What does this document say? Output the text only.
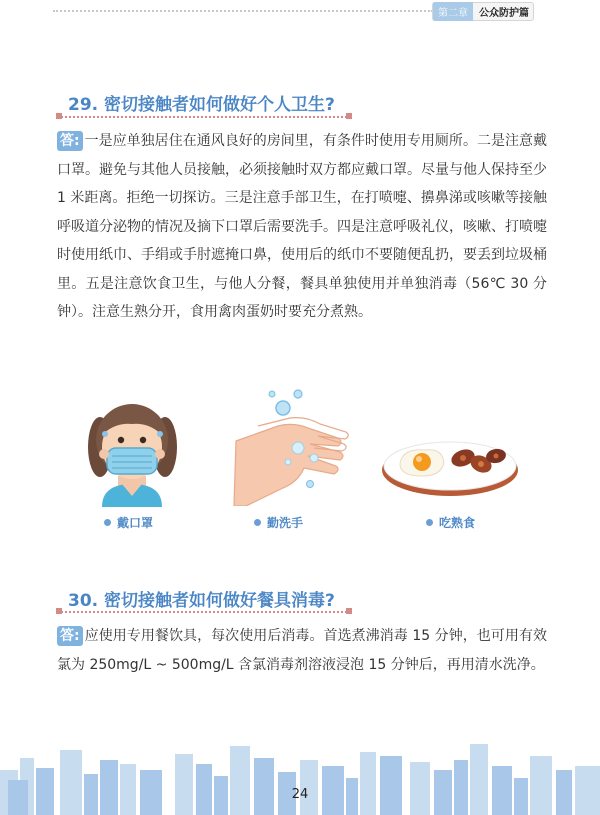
第二章	公众防护篇
29. 密切接触者如何做好个人卫生?
答: 一是应单独居住在通风良好的房间里，有条件时使用专用厕所。二是注意戴口罩。避免与其他人员接触，必须接触时双方都应戴口罩。尽量与他人保持至少 1 米距离。拒绝一切探访。三是注意手部卫生，在打喷嚏、擤鼻涕或咳嗽等接触呼吸道分泌物的情况及摘下口罩后需要洗手。四是注意呼吸礼仪，咳嗽、打喷嚏时使用纸巾、手绢或手肘遮掩口鼻，使用后的纸巾不要随便乱扔，要丢到垃圾桶里。五是注意饮食卫生，与他人分餐，餐具单独使用并单独消毒（56℃ 30 分钟）。注意生熟分开，食用禽肉蛋奶时要充分煮熟。
戴口罩	勤洗手	吃熟食
30. 密切接触者如何做好餐具消毒?
答: 应使用专用餐饮具，每次使用后消毒。首选煮沸消毒 15 分钟，也可用有效氯为 250mg/L ~ 500mg/L 含氯消毒剂溶液浸泡 15 分钟后，再用清水洗净。
24
